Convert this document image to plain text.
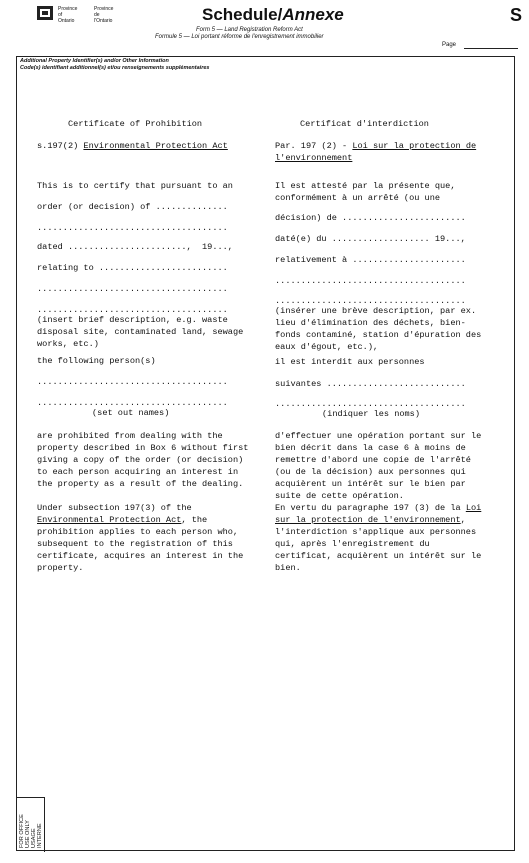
Province
of
Ontario
Province
de
l'Ontario	Schedule/Annexe	S
Form 5 — Land Registration Reform Act
Formule 5 — Loi portant réforme de l'enregistrement immobilier
Page
Additional Property Identifier(s) and/or Other Information
Code(s) identifiant additionnel(s) et/ou renseignements supplémentaires
Certificate of Prohibition
s.197(2) Environmental Protection Act
This is to certify that pursuant to an
order (or decision) of ..............
.....................................
dated .......................,  19...,
relating to .........................
.....................................
.....................................

(insert brief description, e.g. waste disposal site, contaminated land, sewage works, etc.)

the following person(s)
.....................................
.....................................
(set out names)

are prohibited from dealing with the property described in Box 6 without first giving a copy of the order (or decision) to each person acquiring an interest in the property as a result of the dealing.

Under subsection 197(3) of the Environmental Protection Act, the prohibition applies to each person who, subsequent to the registration of this certificate, acquires an interest in the property.

Certificat d'interdiction

Par. 197 (2) - Loi sur la protection de l'environnement

Il est attesté par la présente que,
conformément à un arrêté (ou une
décision) de ........................
daté(e) du ................... 19...,
relativement à ......................
.....................................
.....................................

(insérer une brève description, par ex. lieu d'élimination des déchets, bien-fonds contaminé, station d'épuration des eaux d'égout, etc.),

il est interdit aux personnes
suivantes ...........................
.....................................
(indiquer les noms)

d'effectuer une opération portant sur le bien décrit dans la case 6 à moins de remettre d'abord une copie de l'arrêté (ou de la décision) aux personnes qui acquièrent un intérêt sur le bien par suite de cette opération.

En vertu du paragraphe 197 (3) de la Loi sur la protection de l'environnement, l'interdiction s'applique aux personnes qui, après l'enregistrement du certificat, acquièrent un intérêt sur le bien.

FOR OFFICE USE ONLY USAGE INTERNE
